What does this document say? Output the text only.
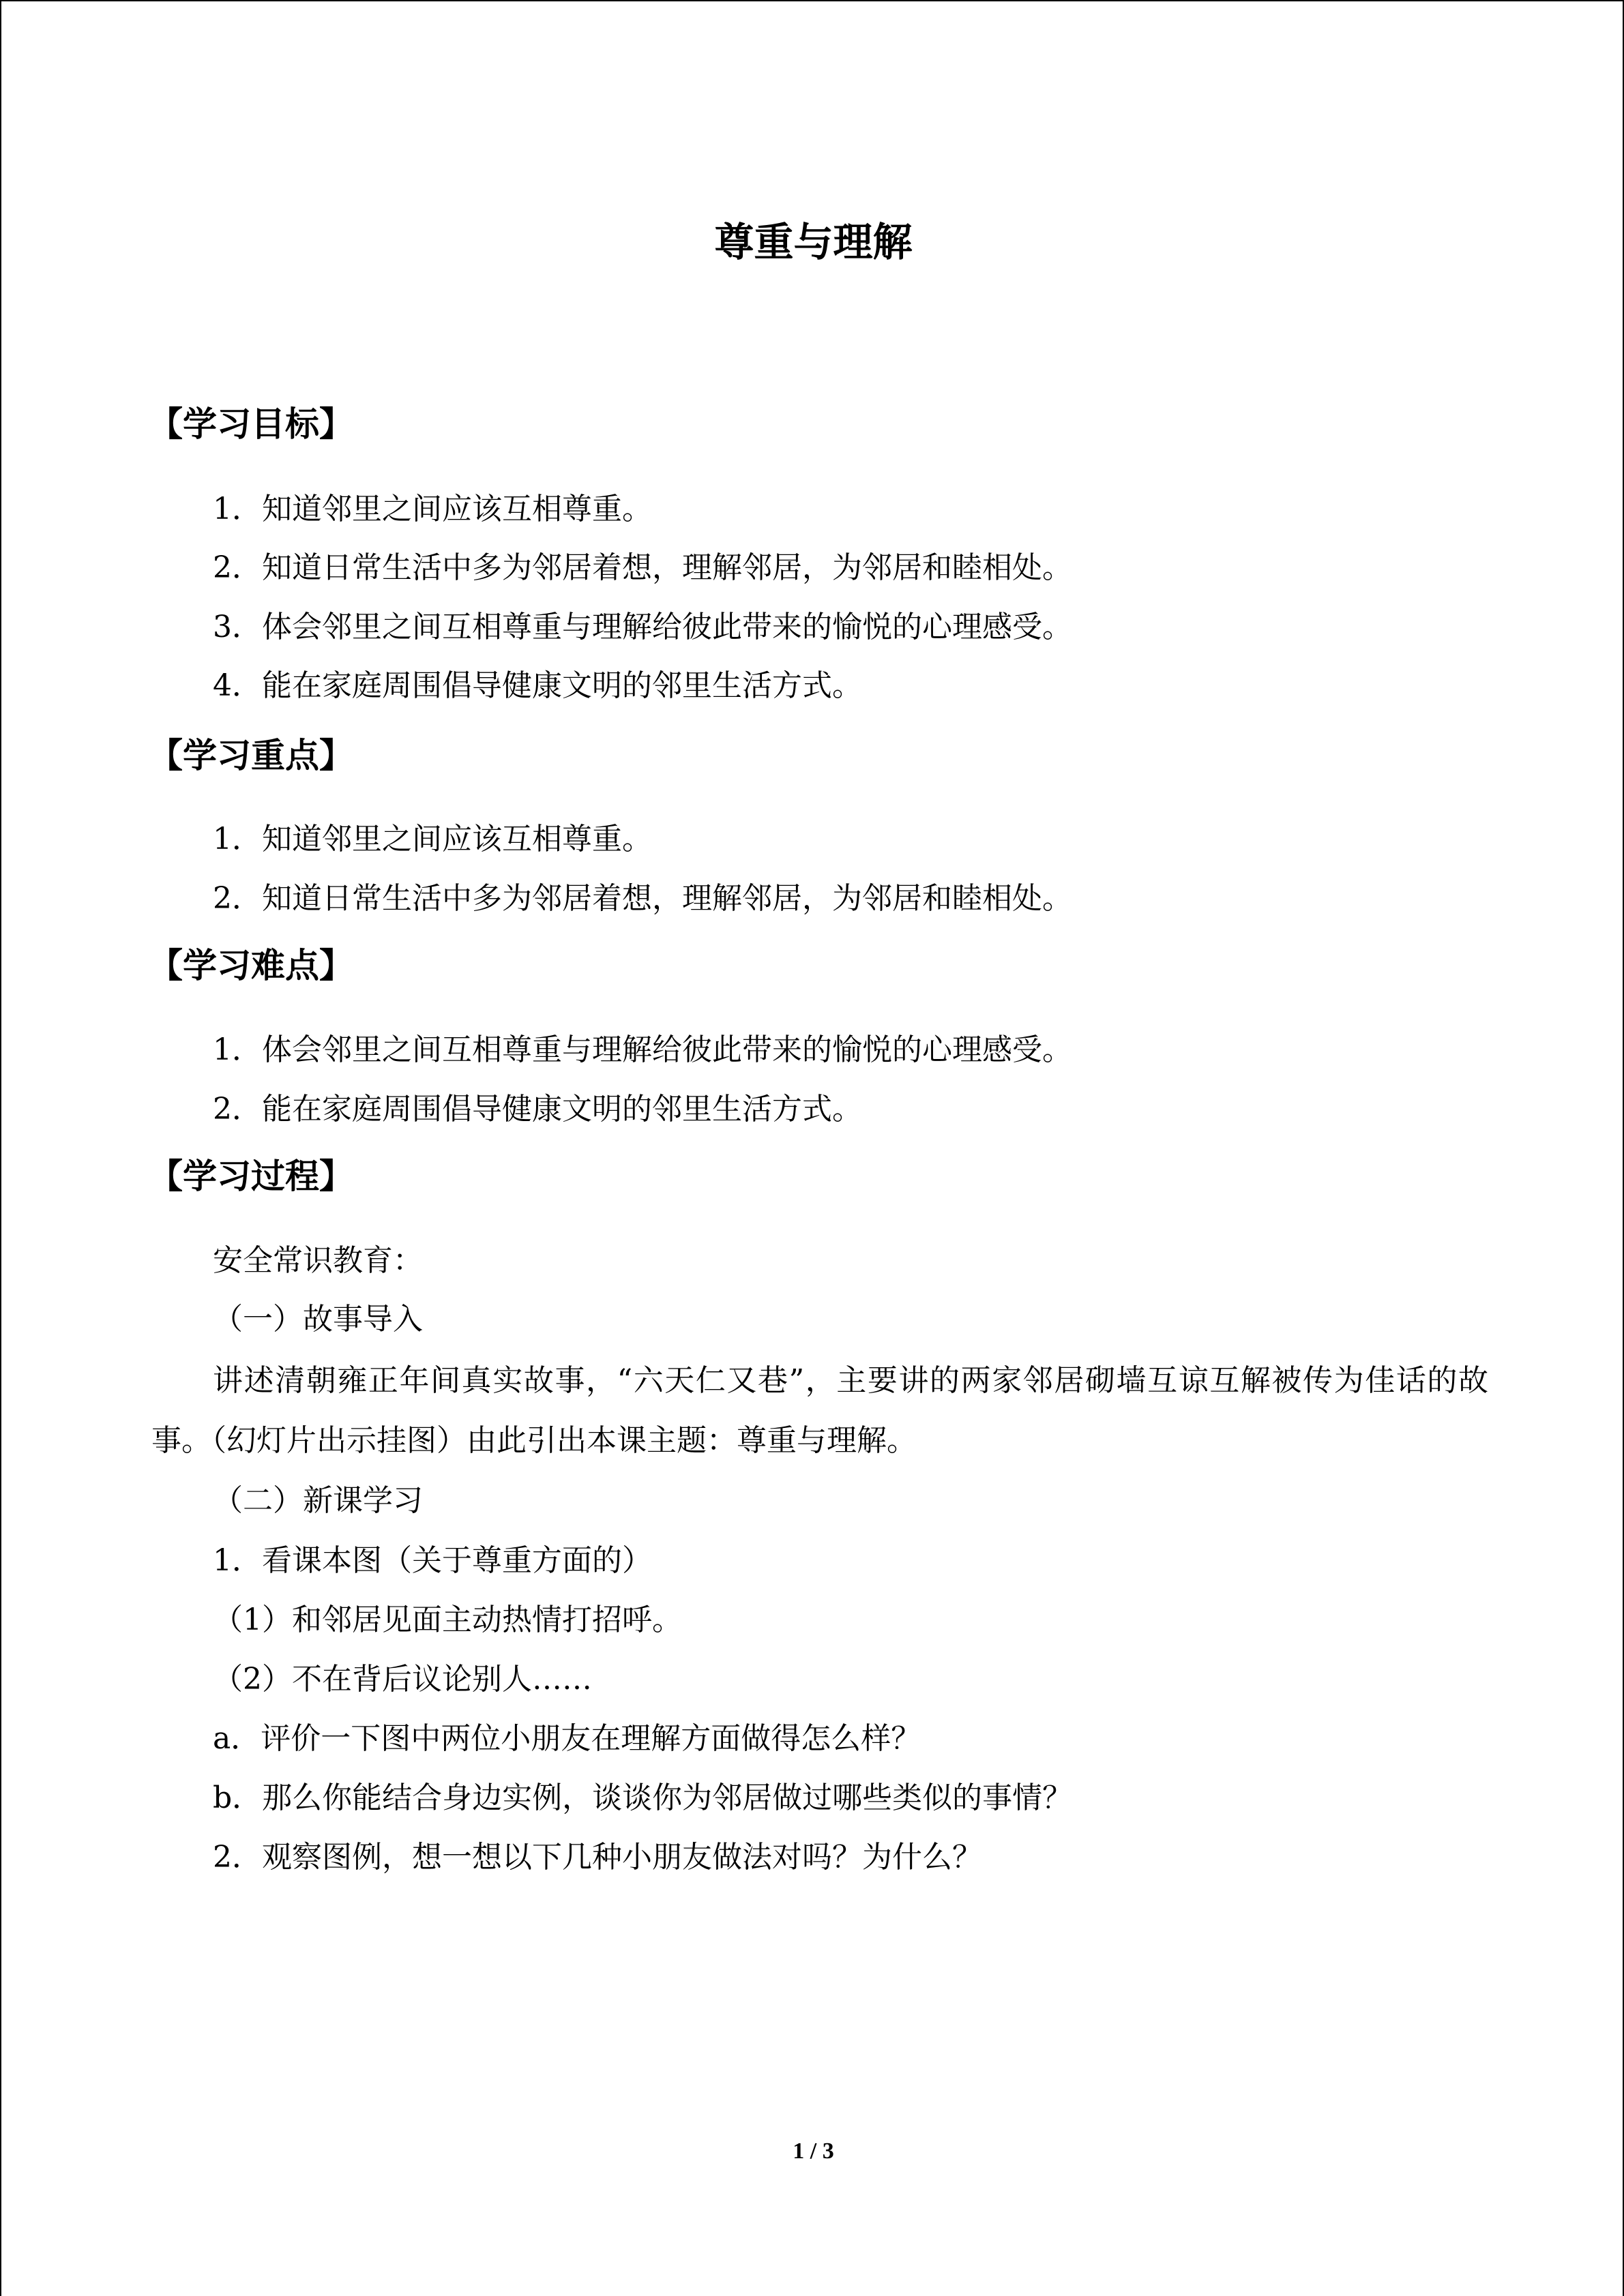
尊重与理解
【学习目标】
1．知道邻里之间应该互相尊重。
2．知道日常生活中多为邻居着想，理解邻居，为邻居和睦相处。
3．体会邻里之间互相尊重与理解给彼此带来的愉悦的心理感受。
4．能在家庭周围倡导健康文明的邻里生活方式。
【学习重点】
1．知道邻里之间应该互相尊重。
2．知道日常生活中多为邻居着想，理解邻居，为邻居和睦相处。
【学习难点】
1．体会邻里之间互相尊重与理解给彼此带来的愉悦的心理感受。
2．能在家庭周围倡导健康文明的邻里生活方式。
【学习过程】
安全常识教育：
（一）故事导入
讲述清朝雍正年间真实故事，“六天仁又巷”，主要讲的两家邻居砌墙互谅互解被传为佳话的故事。（幻灯片出示挂图）由此引出本课主题：尊重与理解。
（二）新课学习
1．看课本图（关于尊重方面的）
（1）和邻居见面主动热情打招呼。
（2）不在背后议论别人……
a．评价一下图中两位小朋友在理解方面做得怎么样？
b．那么你能结合身边实例，谈谈你为邻居做过哪些类似的事情？
2．观察图例，想一想以下几种小朋友做法对吗？为什么？
1 / 3
